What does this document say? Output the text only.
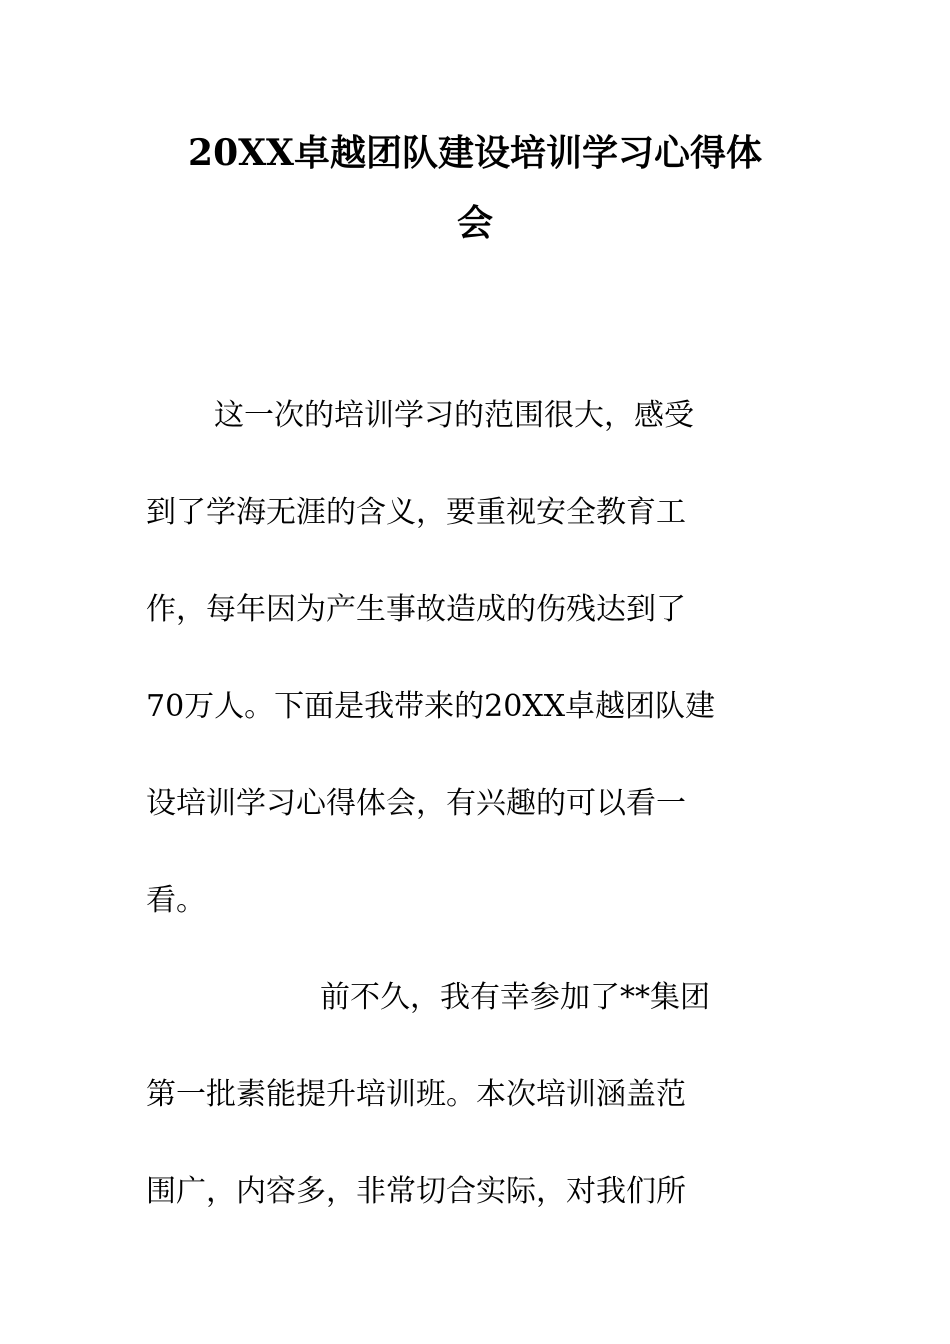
20XX卓越团队建设培训学习心得体
会
这一次的培训学习的范围很大，感受
到了学海无涯的含义，要重视安全教育工
作，每年因为产生事故造成的伤残达到了
70万人。下面是我带来的20XX卓越团队建
设培训学习心得体会，有兴趣的可以看一
看。
前不久，我有幸参加了**集团
第一批素能提升培训班。本次培训涵盖范
围广，内容多，非常切合实际，对我们所
